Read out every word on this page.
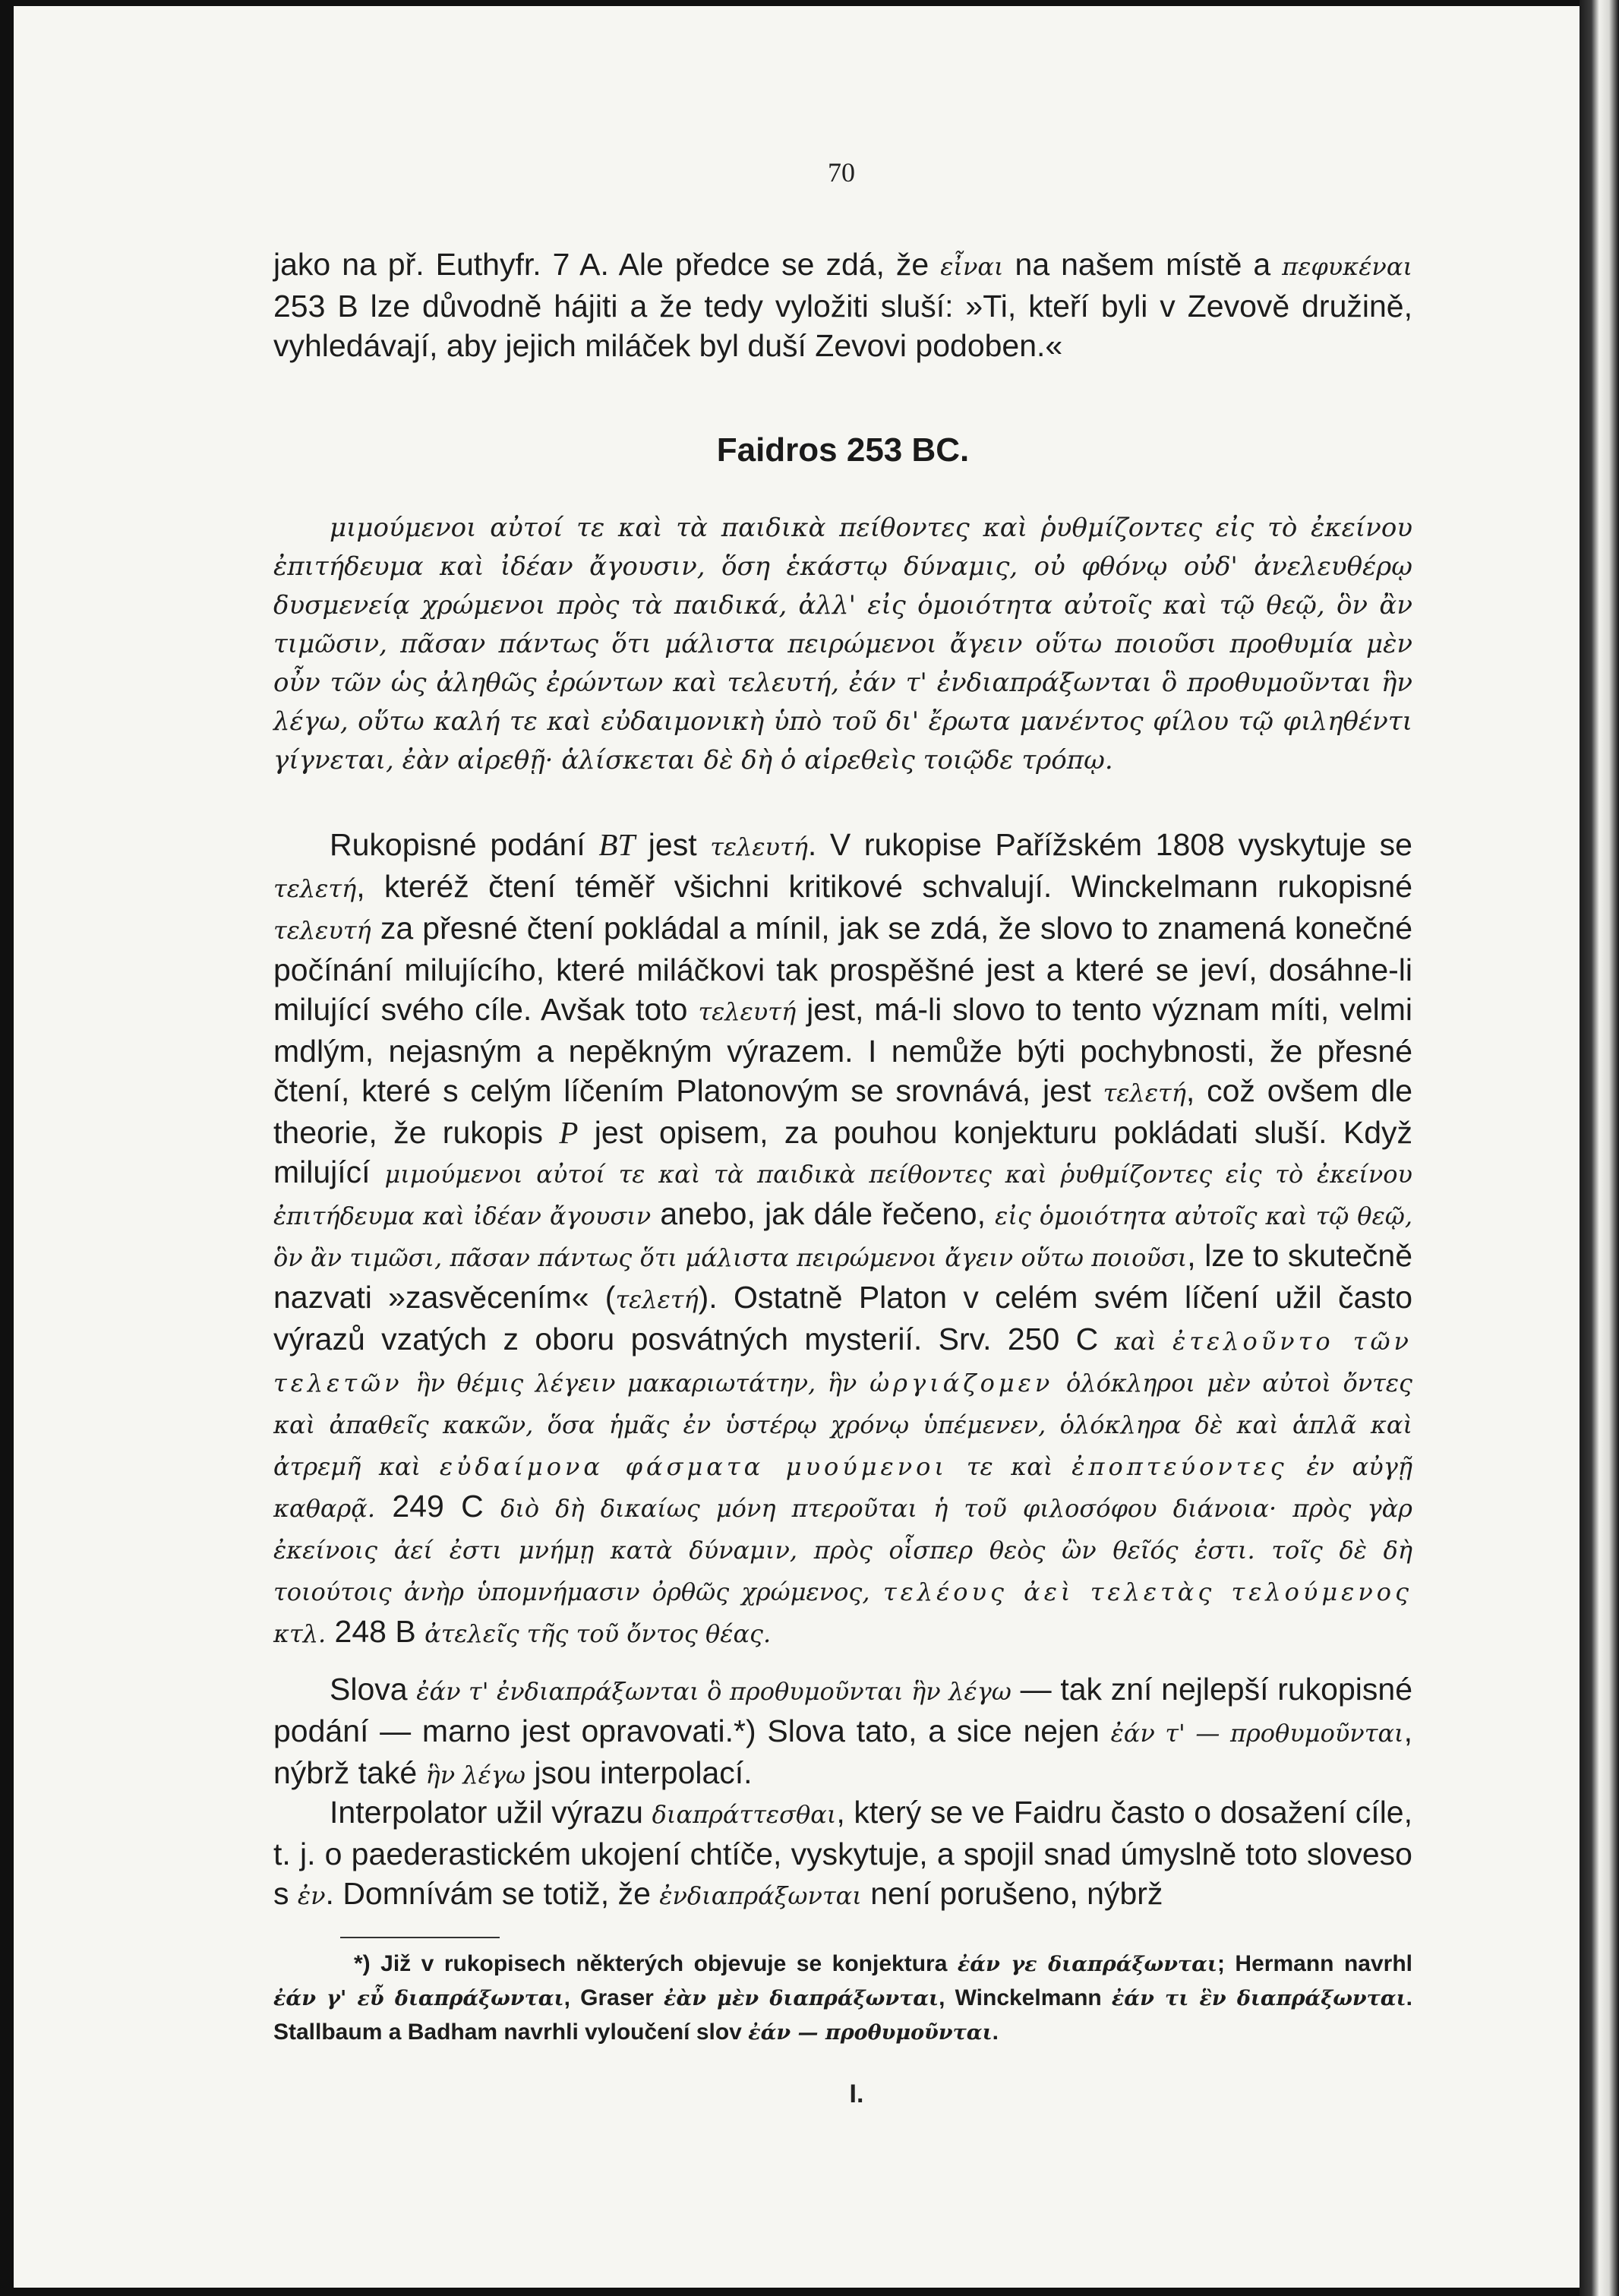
70

jako na př. Euthyfr. 7 A. Ale předce se zdá, že εἶναι na našem místě a πεφυκέναι 253 B lze důvodně hájiti a že tedy vyložiti sluší: »Ti, kteří byli v Zevově družině, vyhledávají, aby jejich miláček byl duší Zevovi podoben.«

Faidros 253 BC.

μιμούμενοι αὐτοί τε καὶ τὰ παιδικὰ πείθοντες καὶ ῥυθμίζοντες εἰς τὸ ἐκείνου ἐπιτήδευμα καὶ ἰδέαν ἄγουσιν, ὅση ἑκάστῳ δύναμις, οὐ φθόνῳ οὐδ' ἀνελευθέρῳ δυσμενείᾳ χρώμενοι πρὸς τὰ παιδικά, ἀλλ' εἰς ὁμοιότητα αὐτοῖς καὶ τῷ θεῷ, ὃν ἂν τιμῶσιν, πᾶσαν πάντως ὅτι μάλιστα πειρώμενοι ἄγειν οὕτω ποιοῦσι προθυμία μὲν οὖν τῶν ὡς ἀληθῶς ἐρώντων καὶ τελευτή, ἐάν τ' ἐνδιαπράξωνται ὃ προθυμοῦνται ἣν λέγω, οὕτω καλή τε καὶ εὐδαιμονικὴ ὑπὸ τοῦ δι' ἔρωτα μανέντος φίλου τῷ φιληθέντι γίγνεται, ἐὰν αἱρεθῇ· ἁλίσκεται δὲ δὴ ὁ αἱρεθεὶς τοιῷδε τρόπῳ.

Rukopisné podání BT jest τελευτή. V rukopise Pařížském 1808 vyskytuje se τελετή, kteréž čtení téměř všichni kritikové schvalují. Winckelmann rukopisné τελευτή za přesné čtení pokládal a mínil, jak se zdá, že slovo to znamená konečné počínání milujícího, které miláčkovi tak prospěšné jest a které se jeví, dosáhne-li milující svého cíle. Avšak toto τελευτή jest, má-li slovo to tento význam míti, velmi mdlým, nejasným a nepěkným výrazem. I nemůže býti pochybnosti, že přesné čtení, které s celým líčením Platonovým se srovnává, jest τελετή, což ovšem dle theorie, že rukopis P jest opisem, za pouhou konjekturu pokládati sluší. Když milující μιμούμενοι αὐτοί τε καὶ τὰ παιδικὰ πείθοντες καὶ ῥυθμίζοντες εἰς τὸ ἐκείνου ἐπιτήδευμα καὶ ἰδέαν ἄγουσιν anebo, jak dále řečeno, εἰς ὁμοιότητα αὐτοῖς καὶ τῷ θεῷ, ὃν ἂν τιμῶσι, πᾶσαν πάντως ὅτι μάλιστα πειρώμενοι ἄγειν οὕτω ποιοῦσι, lze to skutečně nazvati »zasvěcením« (τελετή). Ostatně Platon v celém svém líčení užil často výrazů vzatých z oboru posvátných mysterií. Srv. 250 C καὶ ἐτελοῦντο τῶν τελετῶν ἣν θέμις λέγειν μακαριωτάτην, ἣν ὠργιάζομεν ὁλόκληροι μὲν αὐτοὶ ὄντες καὶ ἀπαθεῖς κακῶν, ὅσα ἡμᾶς ἐν ὑστέρῳ χρόνῳ ὑπέμενεν, ὁλόκληρα δὲ καὶ ἁπλᾶ καὶ ἀτρεμῆ καὶ εὐδαίμονα φάσματα μυούμενοι τε καὶ ἐποπτεύοντες ἐν αὐγῇ καθαρᾷ. 249 C διὸ δὴ δικαίως μόνη πτεροῦται ἡ τοῦ φιλοσόφου διάνοια· πρὸς γὰρ ἐκείνοις ἀεί ἐστι μνήμῃ κατὰ δύναμιν, πρὸς οἷσπερ θεὸς ὢν θεῖός ἐστι. τοῖς δὲ δὴ τοιούτοις ἀνὴρ ὑπομνήμασιν ὀρθῶς χρώμενος, τελέους ἀεὶ τελετὰς τελούμενος κτλ. 248 B ἀτελεῖς τῆς τοῦ ὄντος θέας.

Slova ἐάν τ' ἐνδιαπράξωνται ὃ προθυμοῦνται ἣν λέγω — tak zní nejlepší rukopisné podání — marno jest opravovati.*) Slova tato, a sice nejen ἐάν τ' — προθυμοῦνται, nýbrž také ἣν λέγω jsou interpolací.

Interpolator užil výrazu διαπράττεσθαι, který se ve Faidru často o dosažení cíle, t. j. o paederastickém ukojení chtíče, vyskytuje, a spojil snad úmyslně toto sloveso s ἐν. Domnívám se totiž, že ἐνδιαπράξωνται není porušeno, nýbrž

*) Již v rukopisech některých objevuje se konjektura ἐάν γε διαπράξωνται; Hermann navrhl ἐάν γ' εὖ διαπράξωνται, Graser ἐὰν μὲν διαπράξωνται, Winckelmann ἐάν τι ἓν διαπράξωνται. Stallbaum a Badham navrhli vyloučení slov ἐάν — προθυμοῦνται.

I.
